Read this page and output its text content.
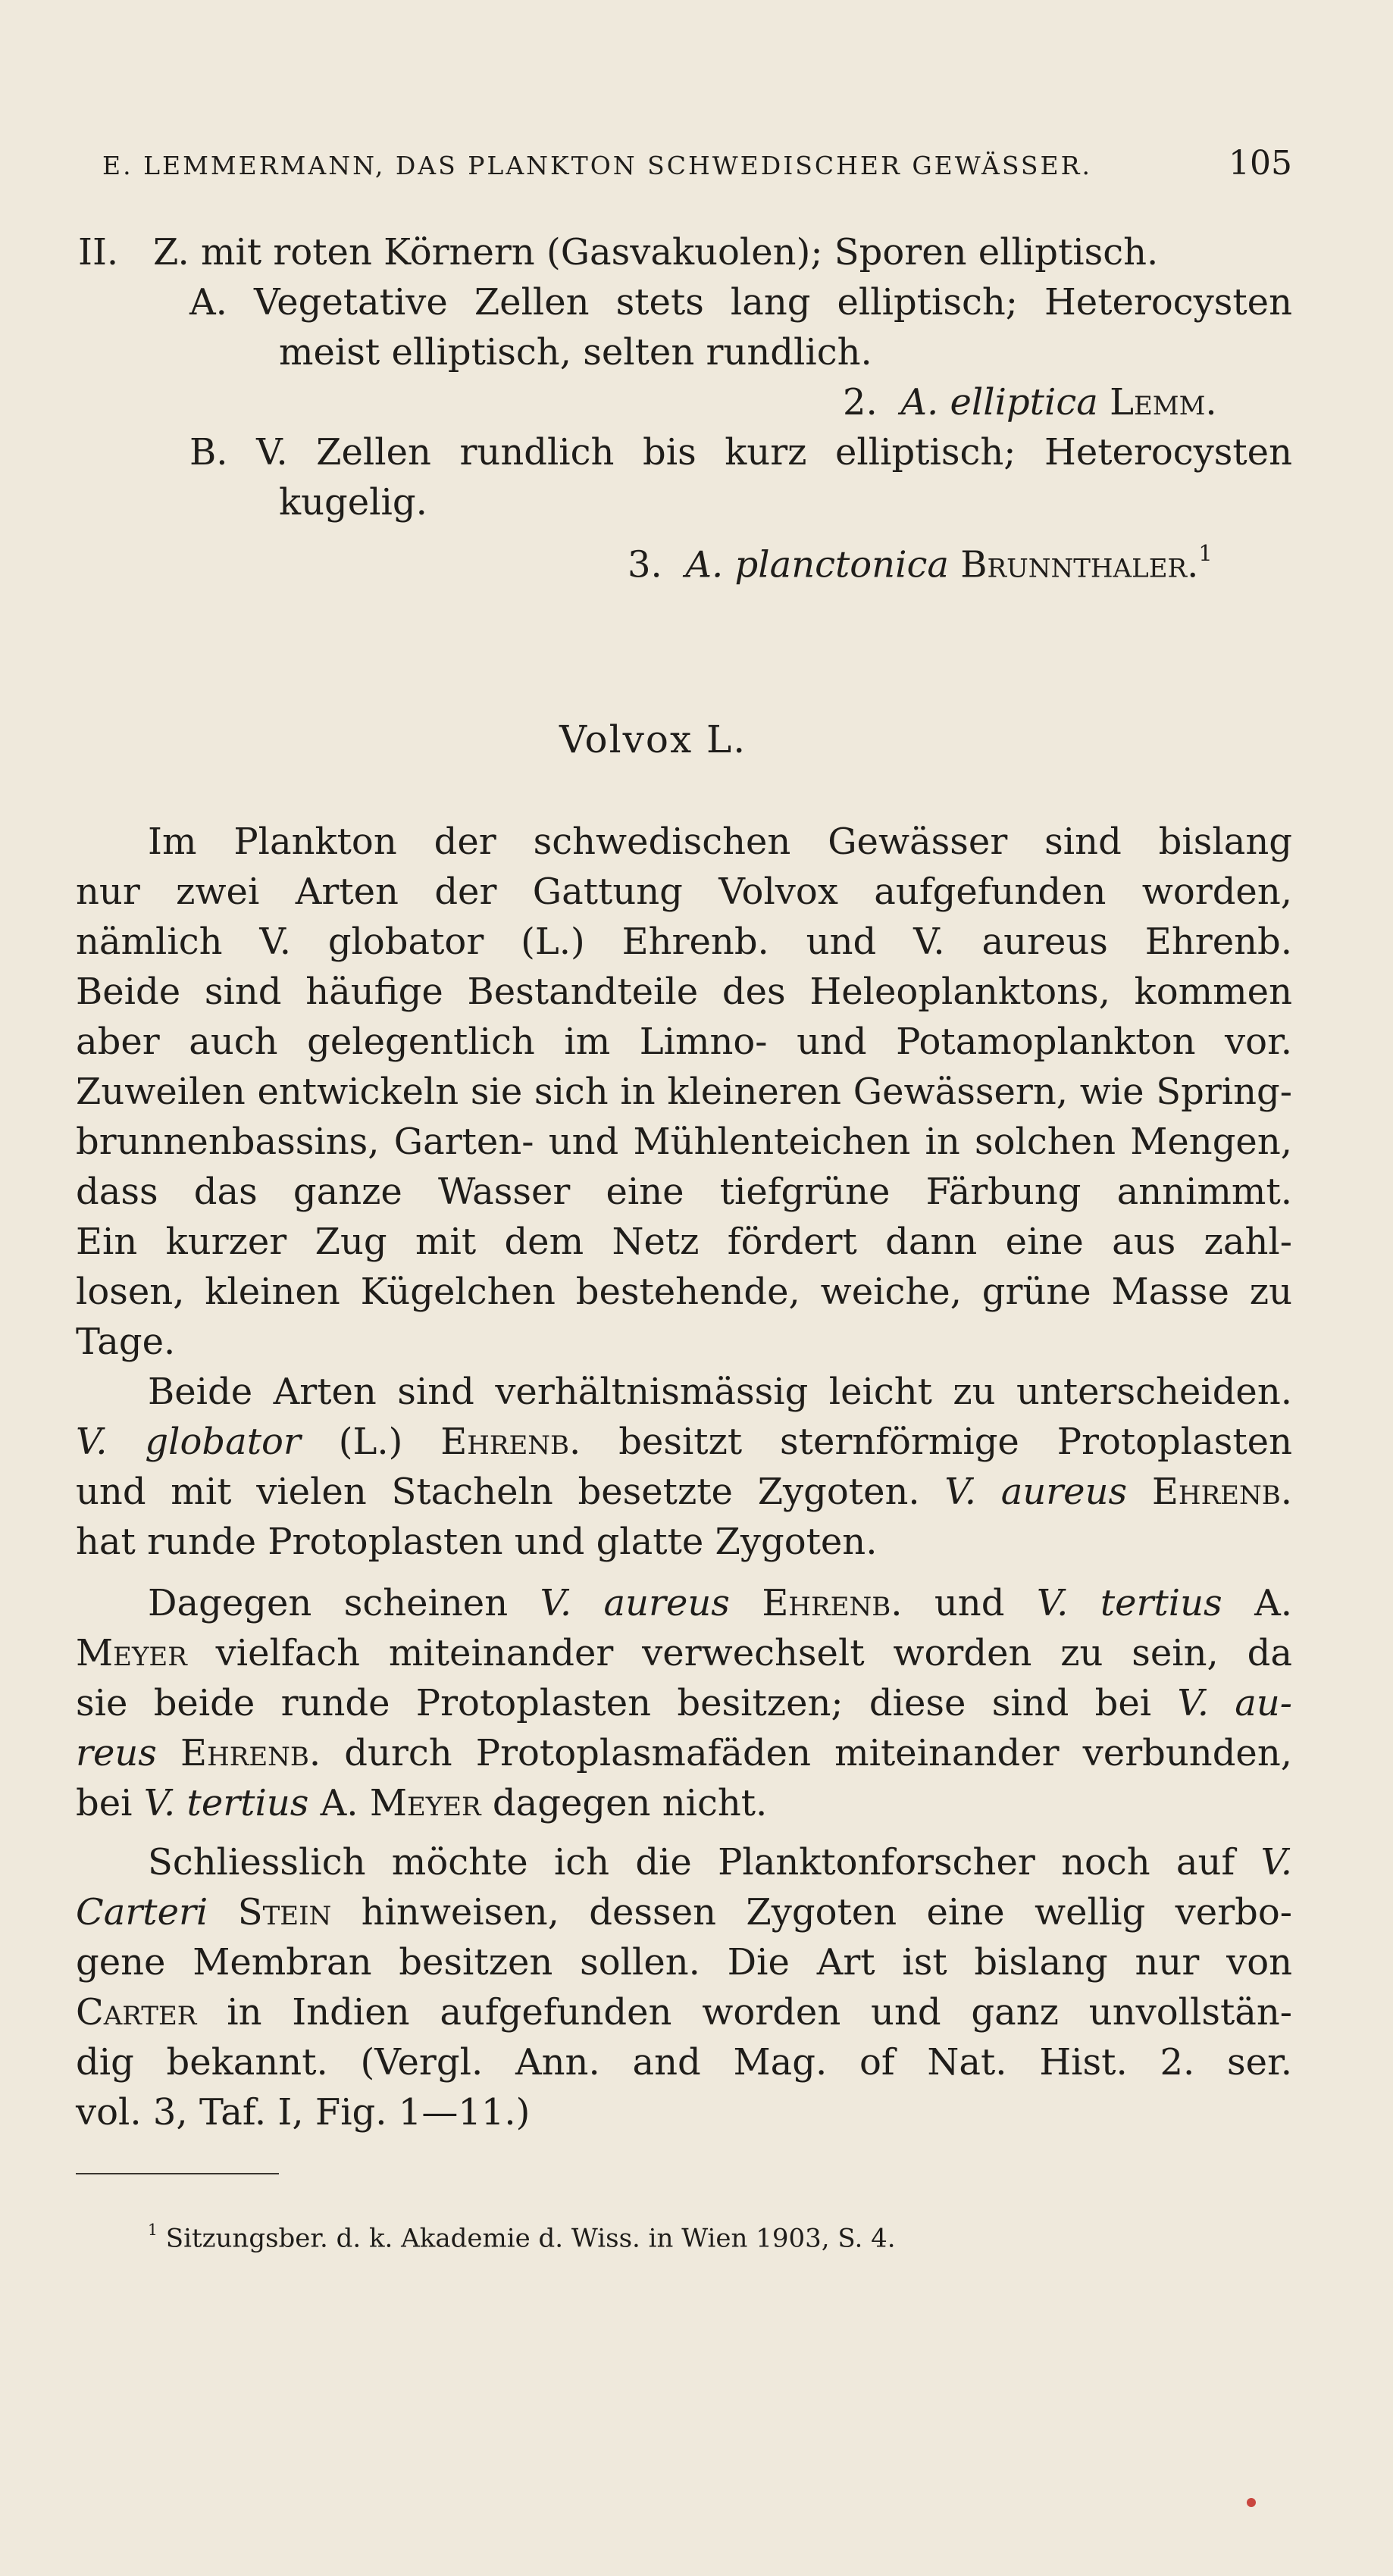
E. LEMMERMANN, DAS PLANKTON SCHWEDISCHER GEWÄSSER.	105
II. Z. mit roten Körnern (Gasvakuolen); Sporen elliptisch.
A. Vegetative Zellen stets lang elliptisch; Heterocysten
meist elliptisch, selten rundlich.
2. A. elliptica Lemm.
B. V. Zellen rundlich bis kurz elliptisch; Heterocysten
kugelig.
3. A. planctonica Brunnthaler.$^1$
Volvox L.
Im Plankton der schwedischen Gewässer sind bislang
nur zwei Arten der Gattung Volvox aufgefunden worden,
nämlich V. globator (L.) Ehrenb. und V. aureus Ehrenb.
Beide sind häufige Bestandteile des Heleoplanktons, kommen
aber auch gelegentlich im Limno- und Potamoplankton vor.
Zuweilen entwickeln sie sich in kleineren Gewässern, wie Spring-
brunnenbassins, Garten- und Mühlenteichen in solchen Mengen,
dass das ganze Wasser eine tiefgrüne Färbung annimmt.
Ein kurzer Zug mit dem Netz fördert dann eine aus zahl-
losen, kleinen Kügelchen bestehende, weiche, grüne Masse zu
Tage.
Beide Arten sind verhältnismässig leicht zu unterscheiden.
V. globator (L.) Ehrenb. besitzt sternförmige Protoplasten
und mit vielen Stacheln besetzte Zygoten. V. aureus Ehrenb.
hat runde Protoplasten und glatte Zygoten.
Dagegen scheinen V. aureus Ehrenb. und V. tertius A.
Meyer vielfach miteinander verwechselt worden zu sein, da
sie beide runde Protoplasten besitzen; diese sind bei V. au-
reus Ehrenb. durch Protoplasmafäden miteinander verbunden,
bei V. tertius A. Meyer dagegen nicht.
Schliesslich möchte ich die Planktonforscher noch auf V.
Carteri Stein hinweisen, dessen Zygoten eine wellig verbo-
gene Membran besitzen sollen. Die Art ist bislang nur von
Carter in Indien aufgefunden worden und ganz unvollstän-
dig bekannt. (Vergl. Ann. and Mag. of Nat. Hist. 2. ser.
vol. 3, Taf. I, Fig. 1—11.)
$^1$ Sitzungsber. d. k. Akademie d. Wiss. in Wien 1903, S. 4.
